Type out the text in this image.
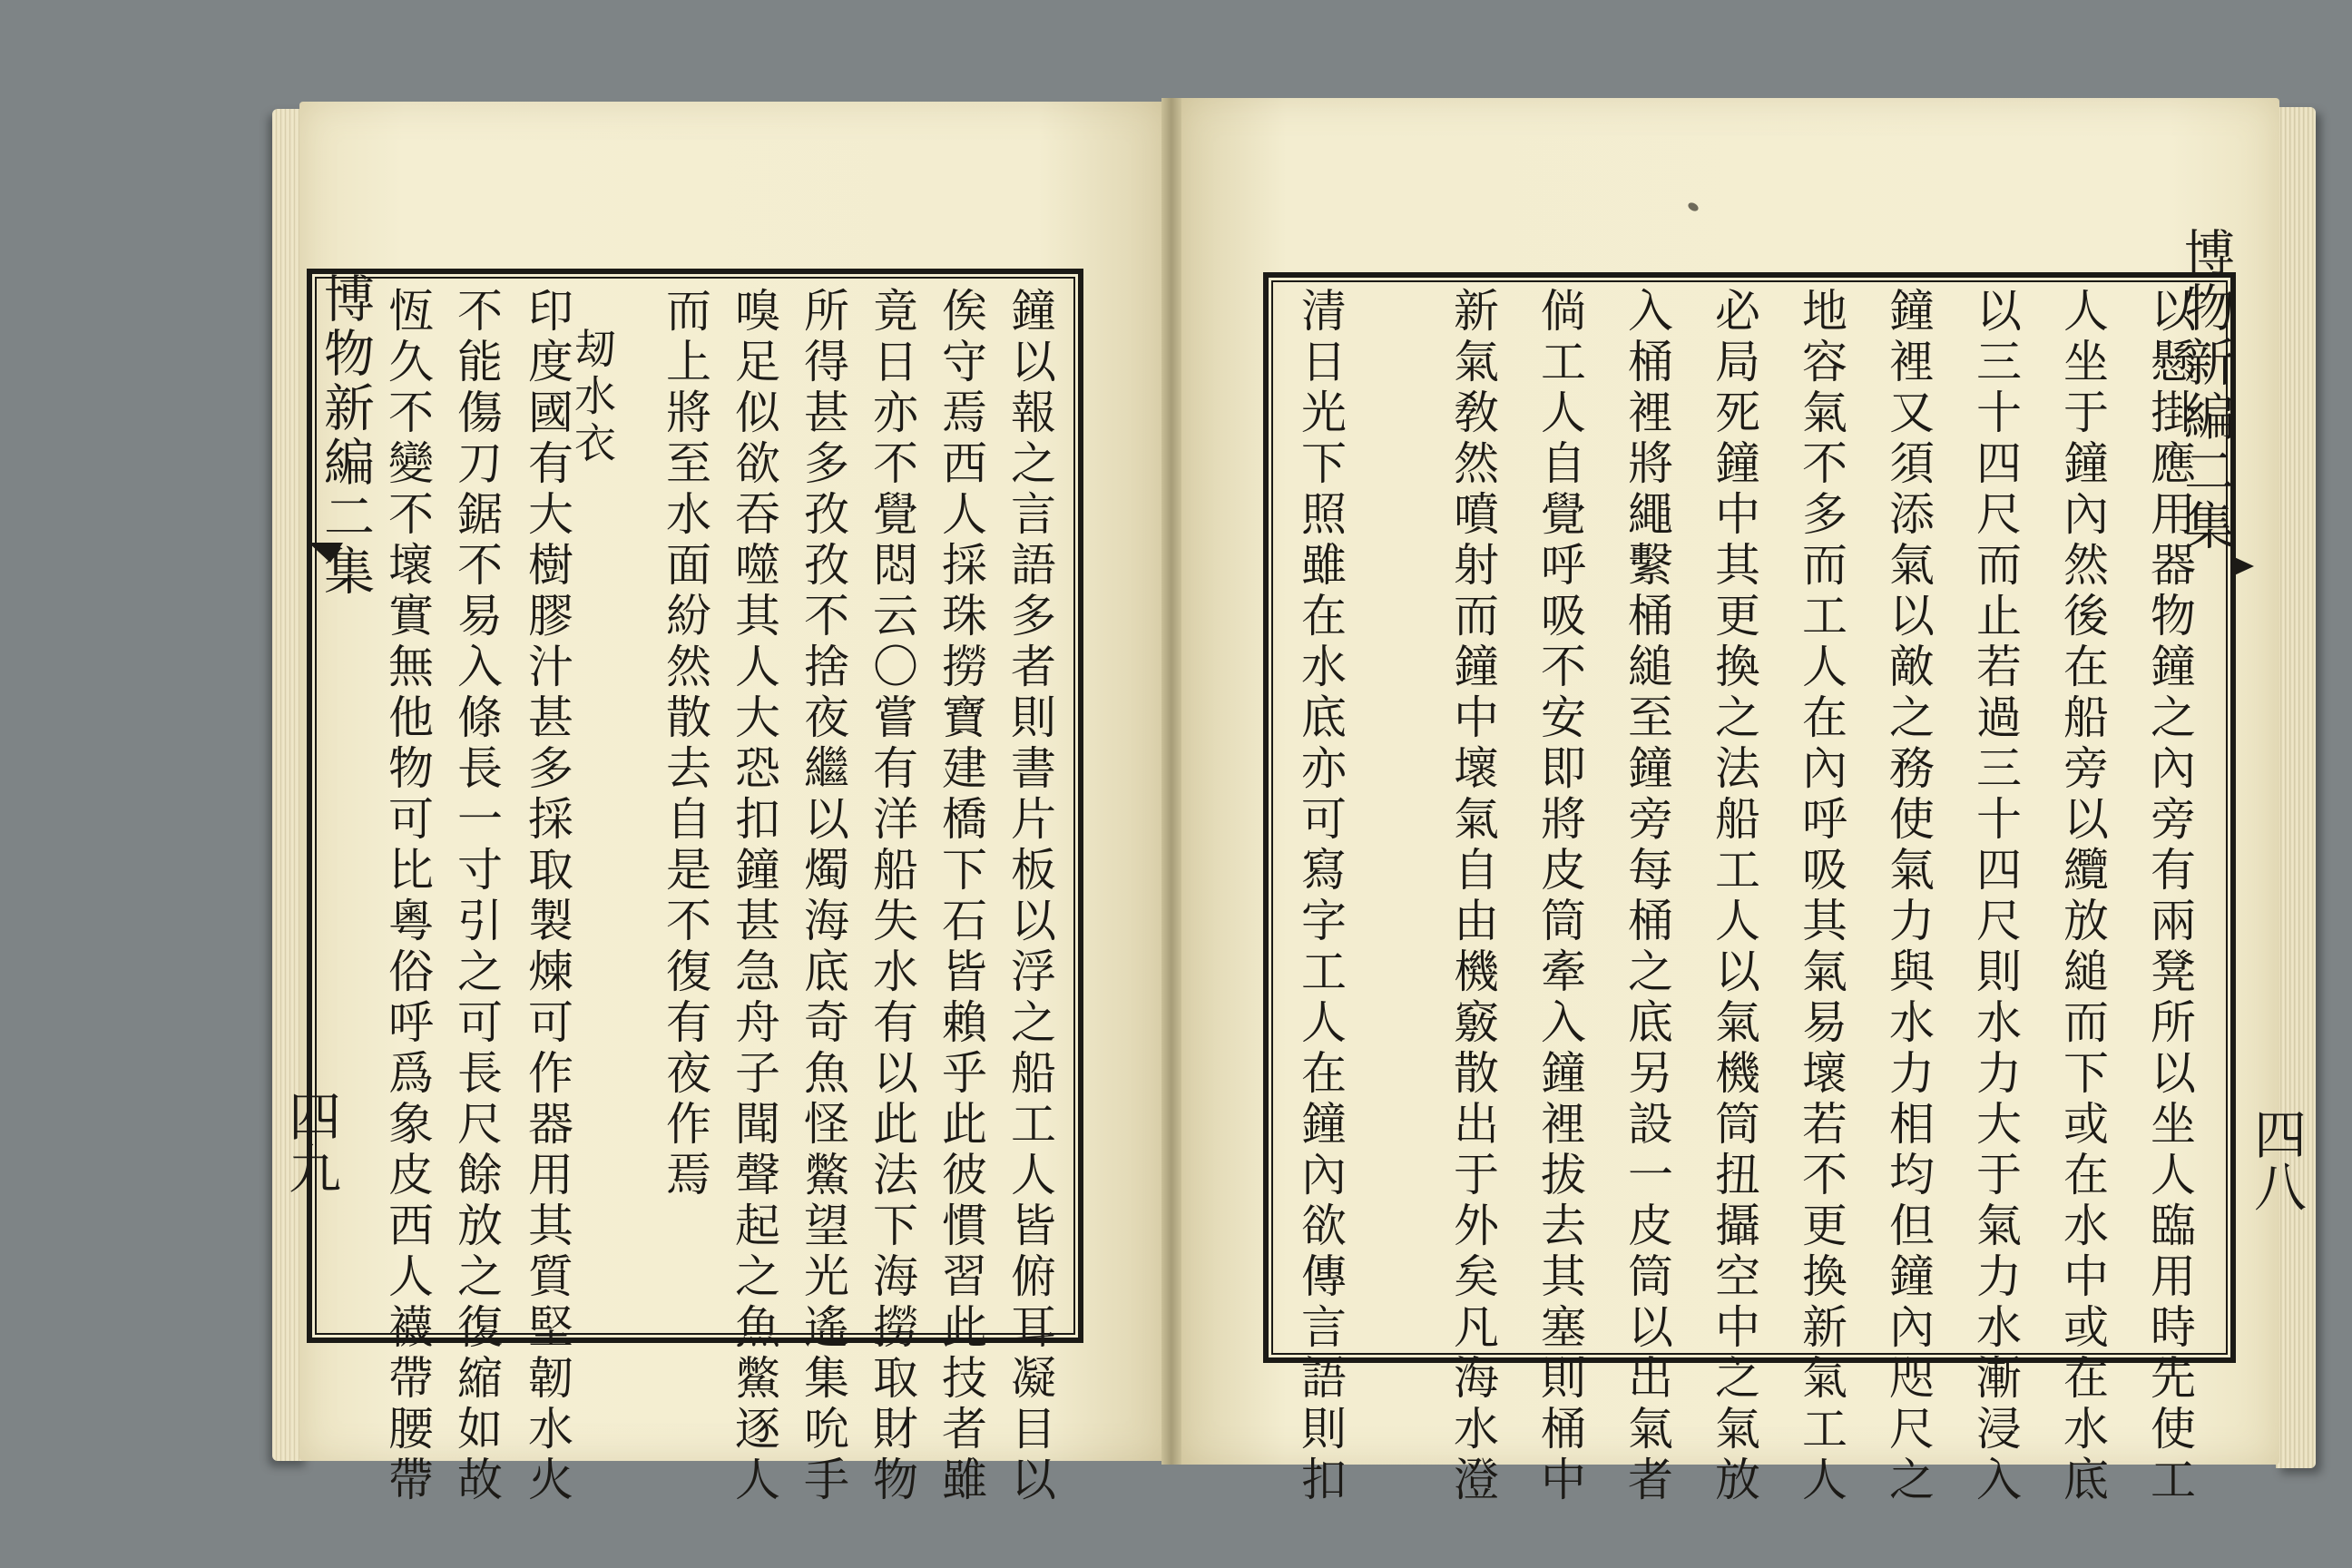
博物新編二集
四九	鐘以報之言語多者則書片板以浮之船工人皆俯耳凝目以
俟守焉西人採珠撈寶建橋下石皆賴乎此彼慣習此技者雖
竟日亦不覺悶云〇嘗有洋船失水有以此法下海撈取財物
所得甚多孜孜不捨夜繼以燭海底奇魚怪鱉望光遙集吮手
嗅足似欲吞噬其人大恐扣鐘甚急舟子聞聲起之魚鱉逐人
而上將至水面紛然散去自是不復有夜作焉
刼水衣
印度國有大樹膠汁甚多採取製煉可作器用其質堅韌水火
不能傷刀鋸不易入條長一寸引之可長尺餘放之復縮如故
恆久不變不壞實無他物可比粵俗呼爲象皮西人襪帶腰帶	博物新編二集
四八
以懸掛應用器物鐘之內旁有兩凳所以坐人臨用時先使工
人坐于鐘內然後在船旁以纜放縋而下或在水中或在水底
以三十四尺而止若過三十四尺則水力大于氣力水漸浸入
鐘裡又須添氣以敵之務使氣力與水力相均但鐘內咫尺之
地容氣不多而工人在內呼吸其氣易壞若不更換新氣工人
必局死鐘中其更換之法船工人以氣機筒扭攝空中之氣放
入桶裡將繩繫桶縋至鐘旁每桶之底另設一皮筒以出氣者
倘工人自覺呼吸不安即將皮筒牽入鐘裡拔去其塞則桶中
新氣敎然噴射而鐘中壞氣自由機竅散出于外矣凡海水澄
清日光下照雖在水底亦可寫字工人在鐘內欲傳言語則扣
